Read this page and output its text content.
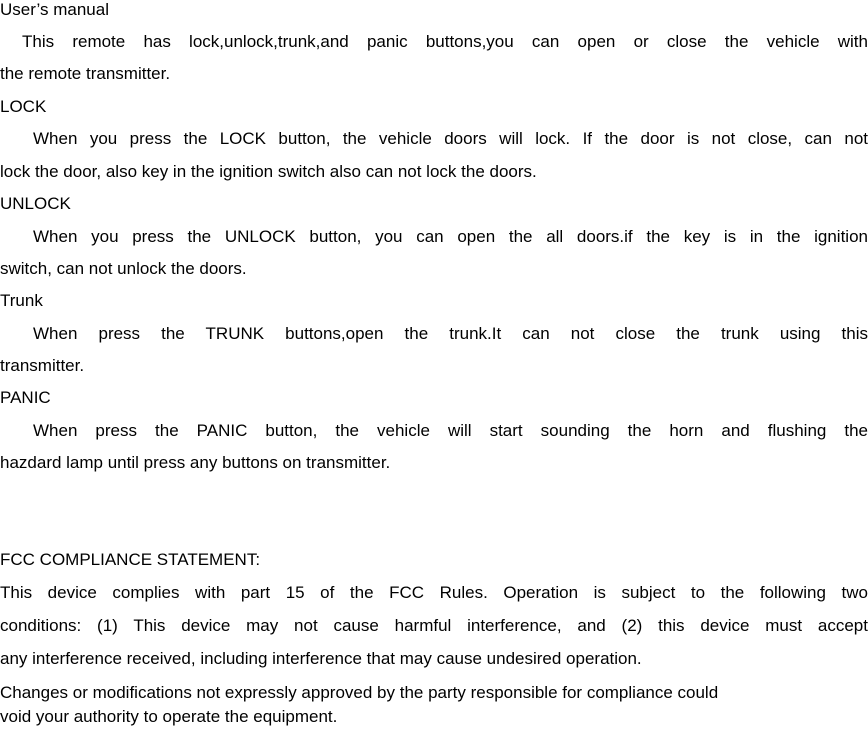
User’s manual
This remote has lock,unlock,trunk,and panic buttons,you can open or close the vehicle with
the remote transmitter.
LOCK
When you press the LOCK button, the vehicle doors will lock. If the door is not close, can not
lock the door, also key in the ignition switch also can not lock the doors.
UNLOCK
When you press the UNLOCK button, you can open the all doors.if the key is in the ignition
switch, can not unlock the doors.
Trunk
When press the TRUNK buttons,open the trunk.It can not close the trunk using this
transmitter.
PANIC
When press the PANIC button, the vehicle will start sounding the horn and flushing the
hazdard lamp until press any buttons on transmitter.
FCC COMPLIANCE STATEMENT:
This device complies with part 15 of the FCC Rules. Operation is subject to the following two
conditions: (1) This device may not cause harmful interference, and (2) this device must accept
any interference received, including interference that may cause undesired operation.
Changes or modifications not expressly approved by the party responsible for compliance could
void your authority to operate the equipment.
